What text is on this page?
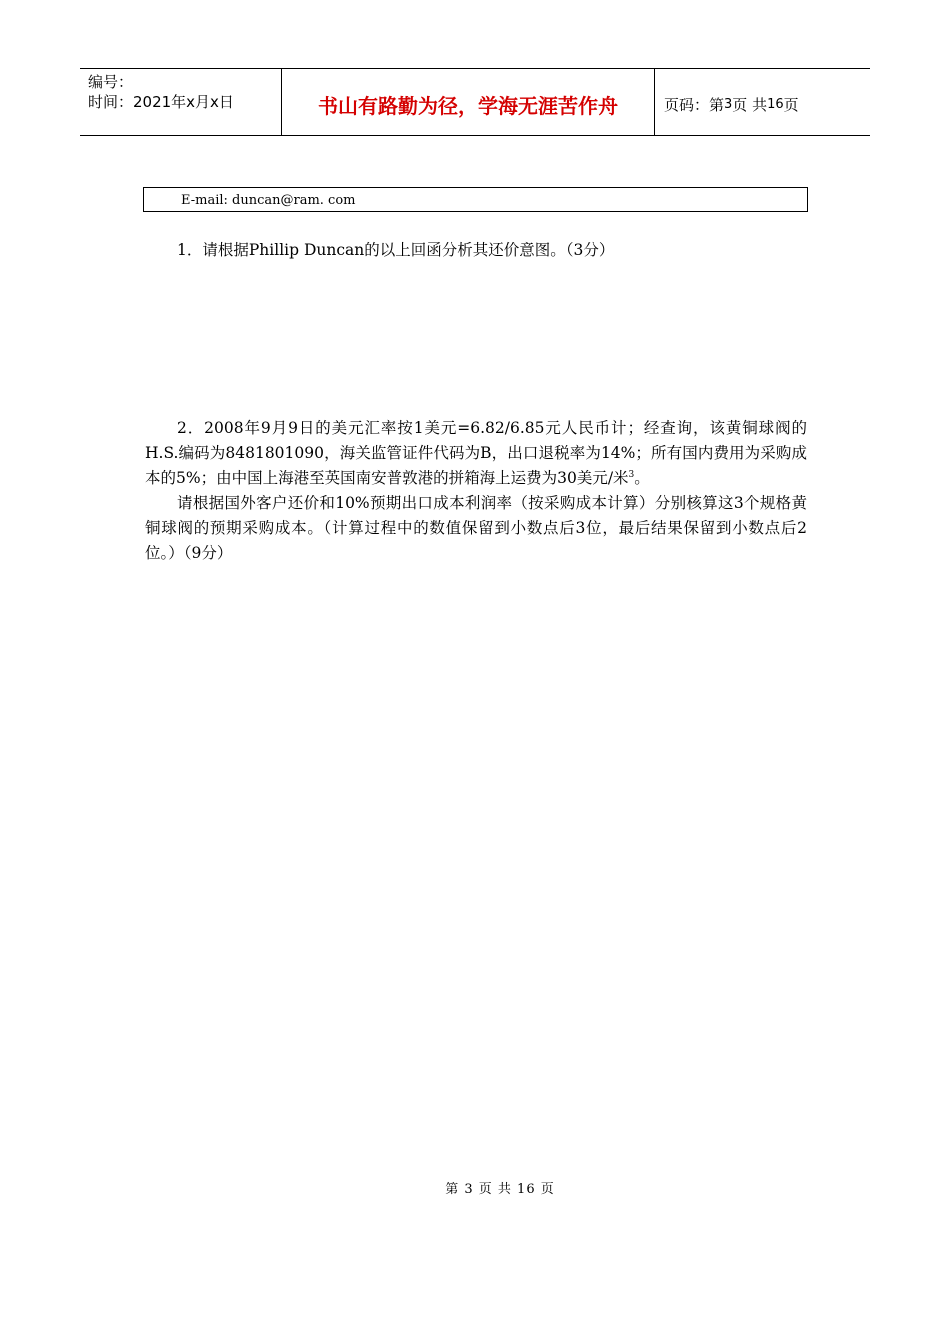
编号：
时间：2021年x月x日	书山有路勤为径，学海无涯苦作舟	页码：第 3 页 共 16 页
E-mail: duncan@ram. com

1．请根据Phillip Duncan的以上回函分析其还价意图。（3分）

2．2008年9月9日的美元汇率按1美元=6.82/6.85元人民币计；经查询，该黄铜球阀的H.S.编码为8481801090，海关监管证件代码为B，出口退税率为14%；所有国内费用为采购成本的5%；由中国上海港至英国南安普敦港的拼箱海上运费为30美元/米$^3$。

请根据国外客户还价和10%预期出口成本利润率（按采购成本计算）分别核算这3个规格黄铜球阀的预期采购成本。（计算过程中的数值保留到小数点后3位，最后结果保留到小数点后2位。）（9分）

第 3 页 共 16 页
